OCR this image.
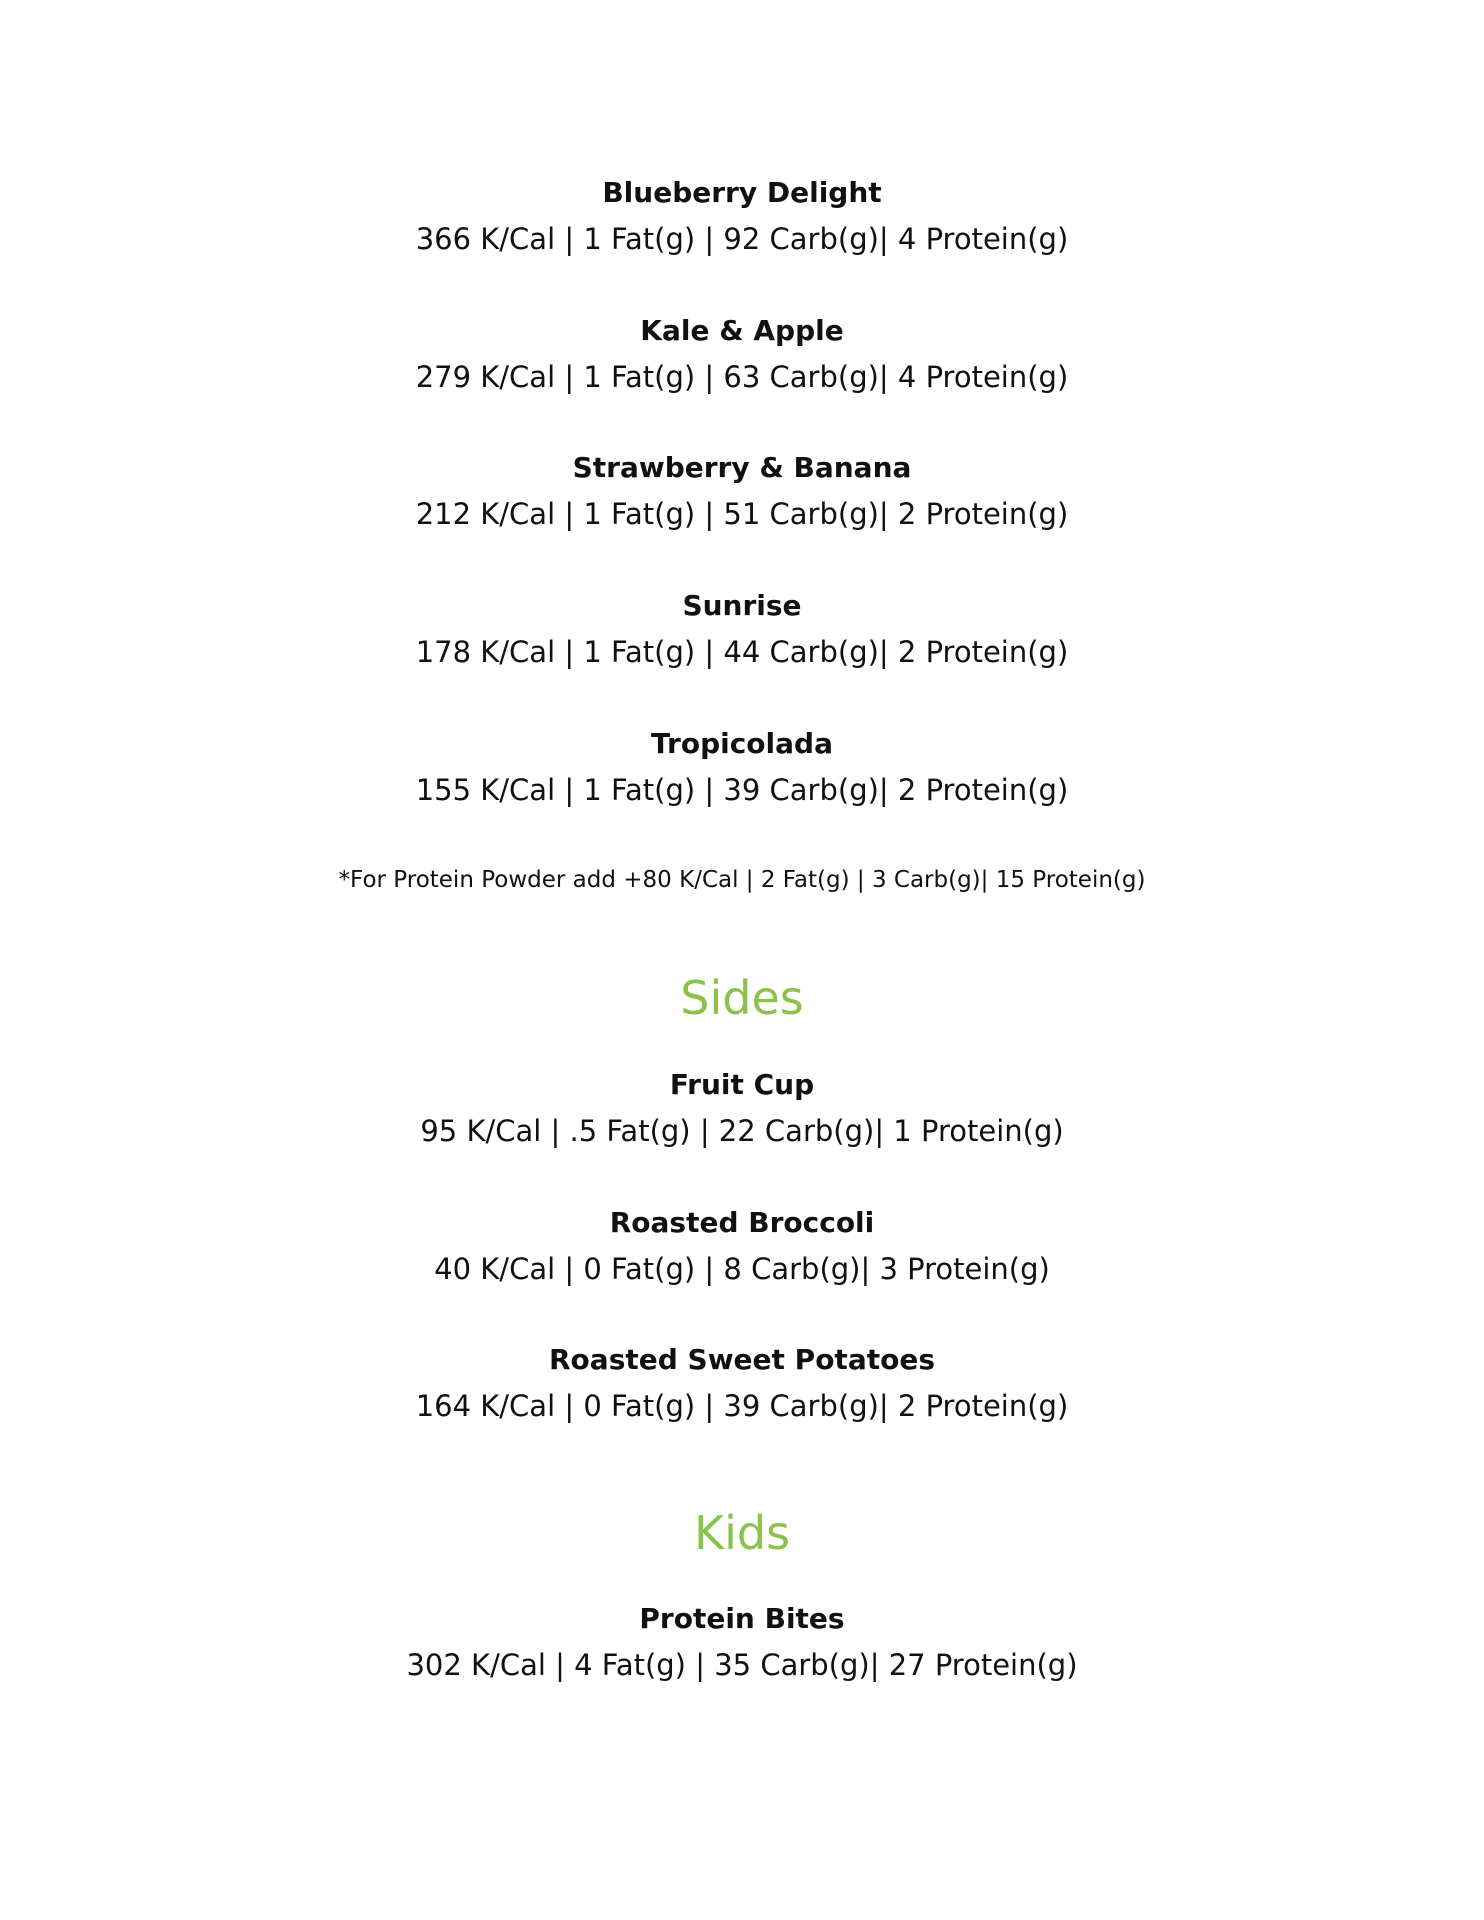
Blueberry Delight
366 K/Cal | 1 Fat(g) | 92 Carb(g)| 4 Protein(g)
Kale & Apple
279 K/Cal | 1 Fat(g) | 63 Carb(g)| 4 Protein(g)
Strawberry & Banana
212 K/Cal | 1 Fat(g) | 51 Carb(g)| 2 Protein(g)
Sunrise
178 K/Cal | 1 Fat(g) | 44 Carb(g)| 2 Protein(g)
Tropicolada
155 K/Cal | 1 Fat(g) | 39 Carb(g)| 2 Protein(g)
*For Protein Powder add +80 K/Cal | 2 Fat(g) | 3 Carb(g)| 15 Protein(g)
Sides
Fruit Cup
95 K/Cal | .5 Fat(g) | 22 Carb(g)| 1 Protein(g)
Roasted Broccoli
40 K/Cal | 0 Fat(g) | 8 Carb(g)| 3 Protein(g)
Roasted Sweet Potatoes
164 K/Cal | 0 Fat(g) | 39 Carb(g)| 2 Protein(g)
Kids
Protein Bites
302 K/Cal | 4 Fat(g) | 35 Carb(g)| 27 Protein(g)
